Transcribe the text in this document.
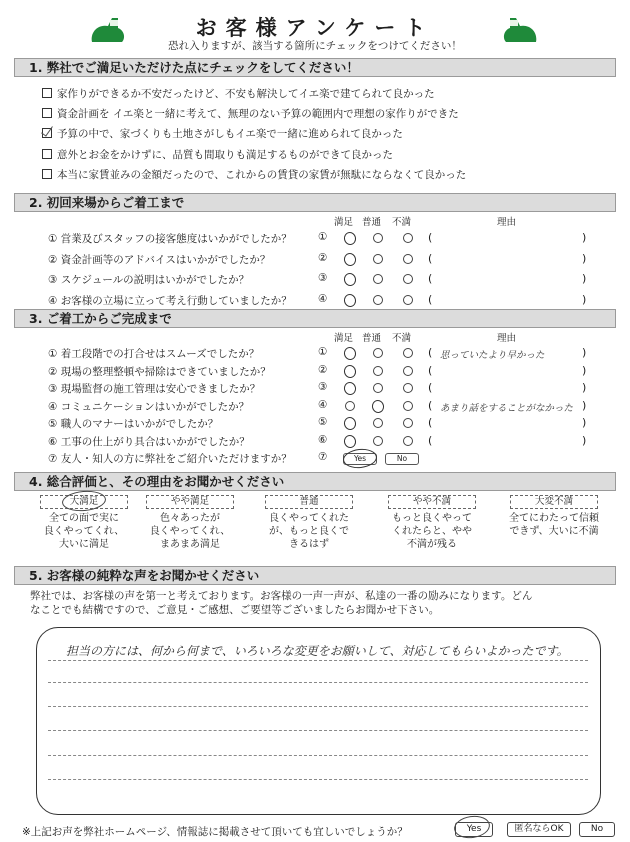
お客様アンケート
恐れ入りますが、該当する箇所にチェックをつけてください！
1. 弊社でご満足いただけた点にチェックをしてください！
家作りができるか不安だったけど、不安も解決してイエ楽で建てられて良かった
資金計画を イエ楽と一緒に考えて、無理のない予算の範囲内で理想の家作りができた
予算の中で、家づくりも土地さがしもイエ楽で一緒に進められて良かった
意外とお金をかけずに、品質も間取りも満足するものができて良かった
本当に家賃並みの金額だったので、これからの賃貸の家賃が無駄にならなくて良かった
2. 初回来場からご着工まで
満足 普通 不満	理由
① 営業及びスタッフの接客態度はいかがでしたか？	①	(	)
② 資金計画等のアドバイスはいかがでしたか？	②	(	)
③ スケジュールの説明はいかがでしたか？	③	(	)
④ お客様の立場に立って考え行動していましたか？	④	(	)
3. ご着工からご完成まで
満足 普通 不満	理由
① 着工段階での打合せはスムーズでしたか？	①	(	)
思っていたより早かった
② 現場の整理整頓や掃除はできていましたか？	②	(	)
③ 現場監督の施工管理は安心できましたか？	③	(	)
④ コミュニケーションはいかがでしたか？	④	(	)
あまり話をすることがなかった
⑤ 職人のマナーはいかがでしたか？	⑤	(	)
⑥ 工事の仕上がり具合はいかがでしたか？	⑥	(	)
⑦ 友人・知人の方に弊社をご紹介いただけますか？	⑦	Yes	No
4. 総合評価と、その理由をお聞かせください
大満足
全ての面で実に
良くやってくれ、
大いに満足
やや満足
色々あったが
良くやってくれ、
まあまあ満足
普通
良くやってくれた
が、もっと良くで
きるはず
やや不満
もっと良くやって
くれたらと、やや
不満が残る
大変不満
全てにわたって信頼
できず、大いに不満
5. お客様の純粋な声をお聞かせください
弊社では、お客様の声を第一と考えております。お客様の一声一声が、私達の一番の励みになります。どん
なことでも結構ですので、ご意見・ご感想、ご要望等ございましたらお聞かせ下さい。
担当の方には、何から何まで、いろいろな変更をお願いして、対応してもらいよかったです。
※上記お声を弊社ホームページ、情報誌に掲載させて頂いても宜しいでしょうか？	Yes	匿名ならOK	No
